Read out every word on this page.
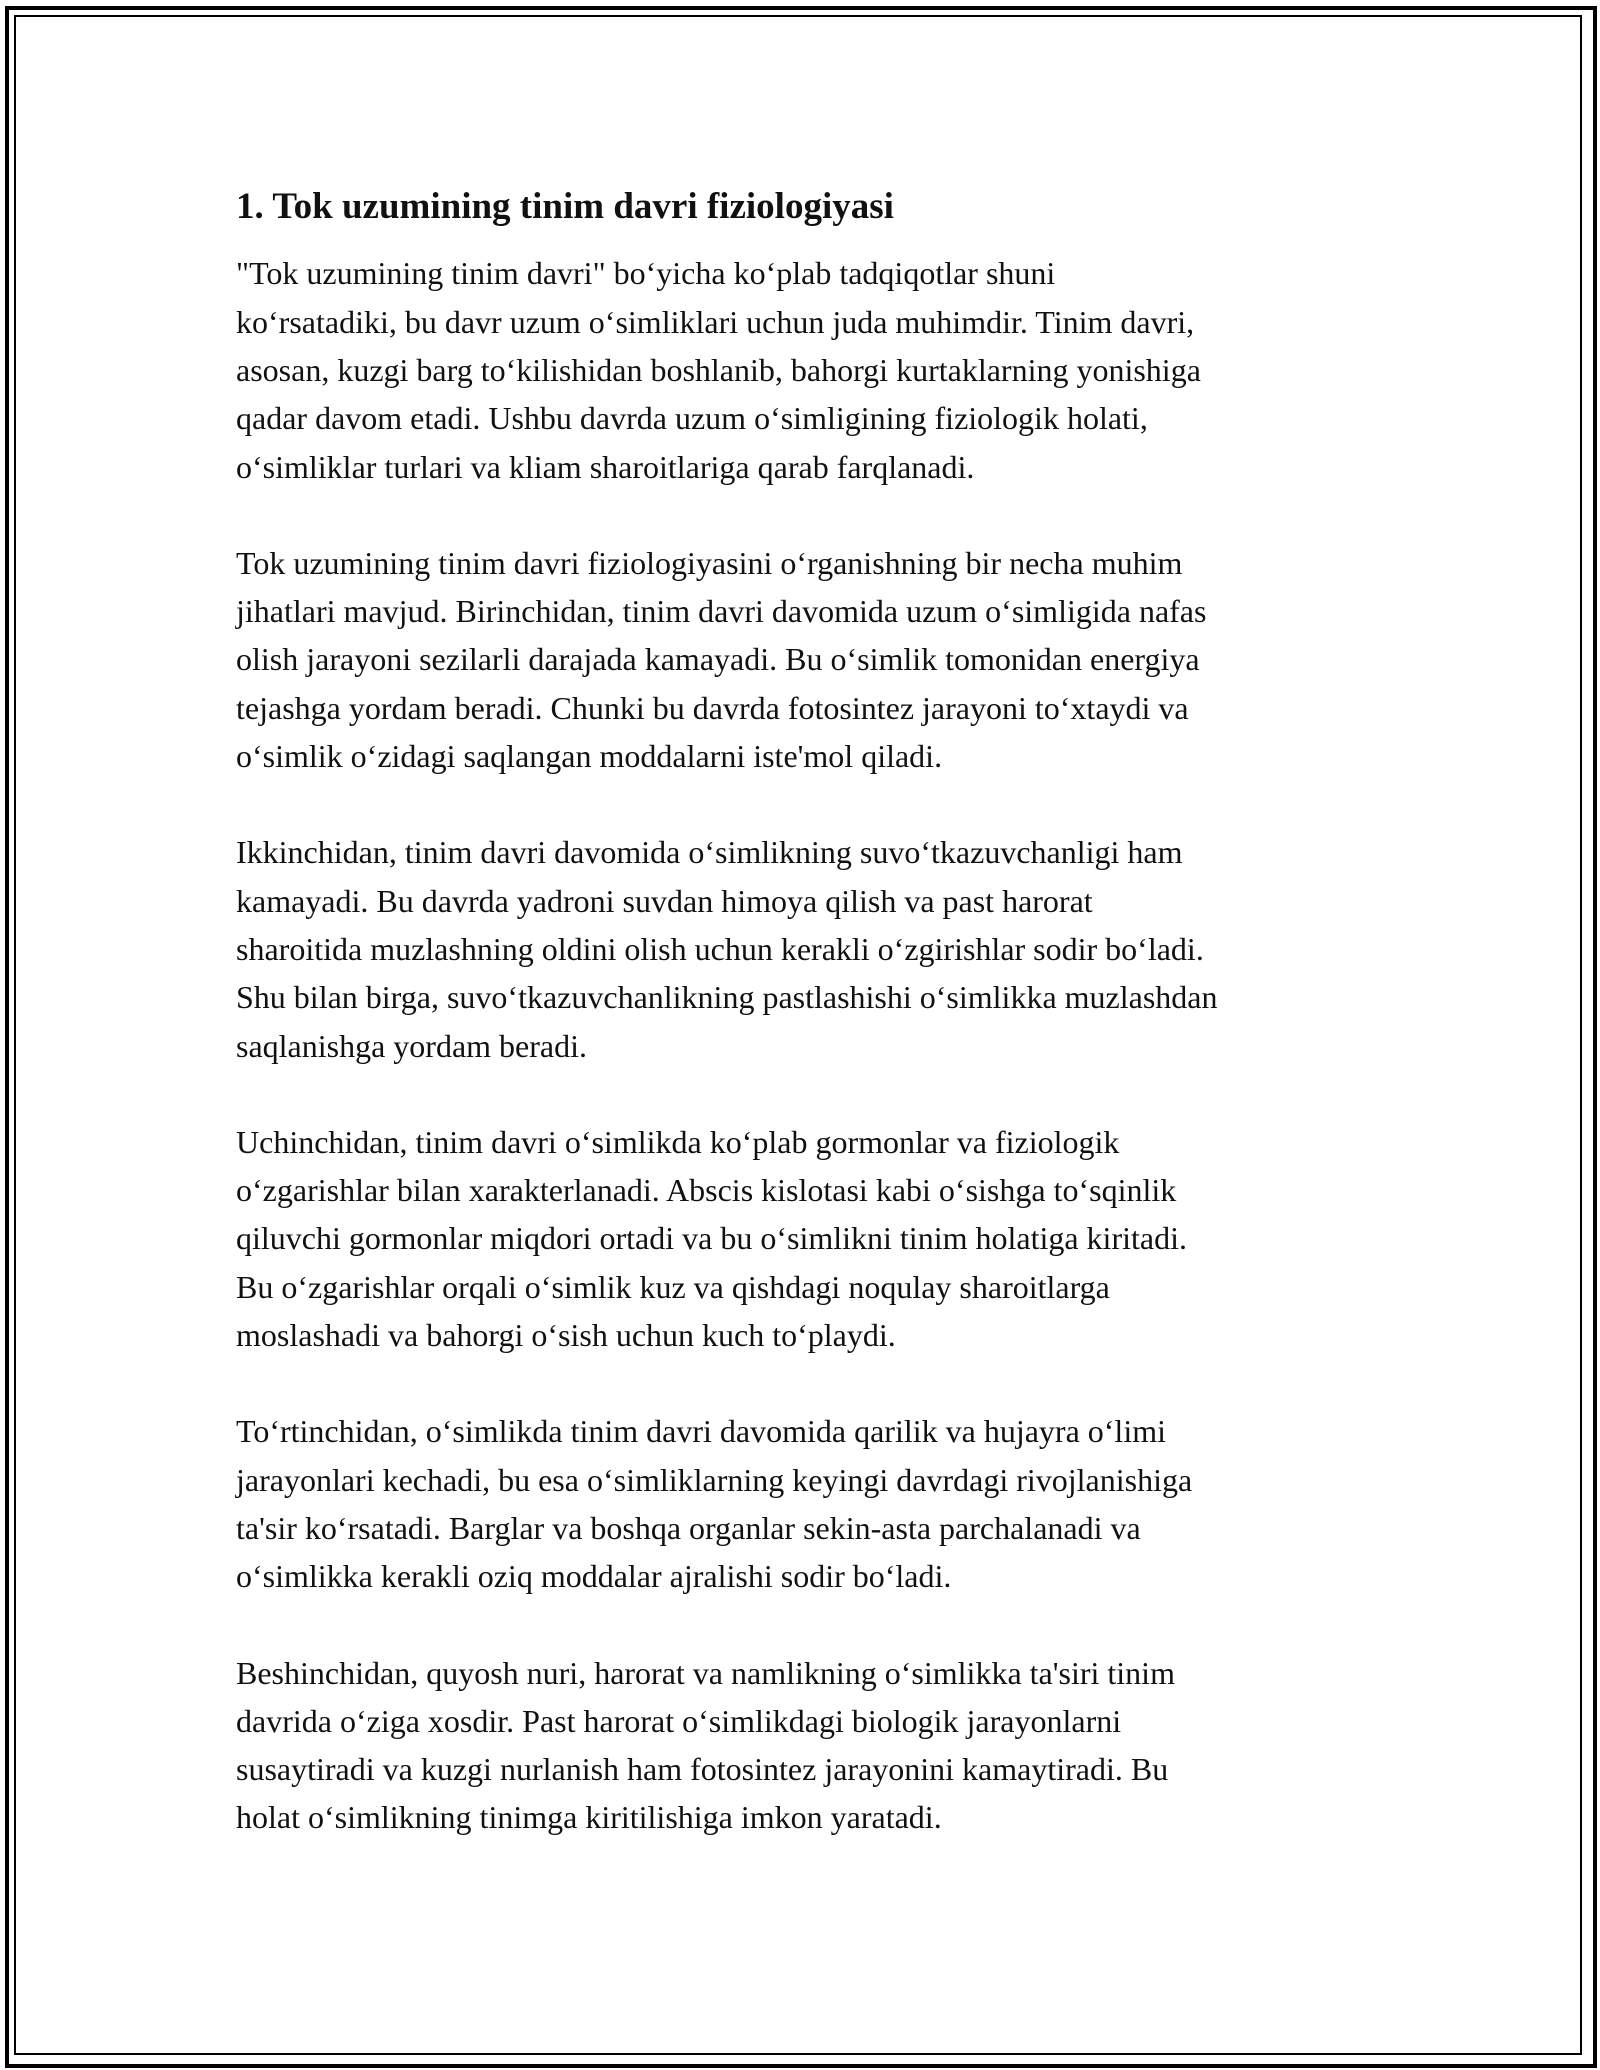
1. Tok uzumining tinim davri fiziologiyasi

"Tok uzumining tinim davri" bo‘yicha ko‘plab tadqiqotlar shuni
ko‘rsatadiki, bu davr uzum o‘simliklari uchun juda muhimdir. Tinim davri,
asosan, kuzgi barg to‘kilishidan boshlanib, bahorgi kurtaklarning yonishiga
qadar davom etadi. Ushbu davrda uzum o‘simligining fiziologik holati,
o‘simliklar turlari va kliam sharoitlariga qarab farqlanadi.

Tok uzumining tinim davri fiziologiyasini o‘rganishning bir necha muhim
jihatlari mavjud. Birinchidan, tinim davri davomida uzum o‘simligida nafas
olish jarayoni sezilarli darajada kamayadi. Bu o‘simlik tomonidan energiya
tejashga yordam beradi. Chunki bu davrda fotosintez jarayoni to‘xtaydi va
o‘simlik o‘zidagi saqlangan moddalarni iste'mol qiladi.

Ikkinchidan, tinim davri davomida o‘simlikning suvo‘tkazuvchanligi ham
kamayadi. Bu davrda yadroni suvdan himoya qilish va past harorat
sharoitida muzlashning oldini olish uchun kerakli o‘zgirishlar sodir bo‘ladi.
Shu bilan birga, suvo‘tkazuvchanlikning pastlashishi o‘simlikka muzlashdan
saqlanishga yordam beradi.

Uchinchidan, tinim davri o‘simlikda ko‘plab gormonlar va fiziologik
o‘zgarishlar bilan xarakterlanadi. Abscis kislotasi kabi o‘sishga to‘sqinlik
qiluvchi gormonlar miqdori ortadi va bu o‘simlikni tinim holatiga kiritadi.
Bu o‘zgarishlar orqali o‘simlik kuz va qishdagi noqulay sharoitlarga
moslashadi va bahorgi o‘sish uchun kuch to‘playdi.

To‘rtinchidan, o‘simlikda tinim davri davomida qarilik va hujayra o‘limi
jarayonlari kechadi, bu esa o‘simliklarning keyingi davrdagi rivojlanishiga
ta'sir ko‘rsatadi. Barglar va boshqa organlar sekin-asta parchalanadi va
o‘simlikka kerakli oziq moddalar ajralishi sodir bo‘ladi.

Beshinchidan, quyosh nuri, harorat va namlikning o‘simlikka ta'siri tinim
davrida o‘ziga xosdir. Past harorat o‘simlikdagi biologik jarayonlarni
susaytiradi va kuzgi nurlanish ham fotosintez jarayonini kamaytiradi. Bu
holat o‘simlikning tinimga kiritilishiga imkon yaratadi.
